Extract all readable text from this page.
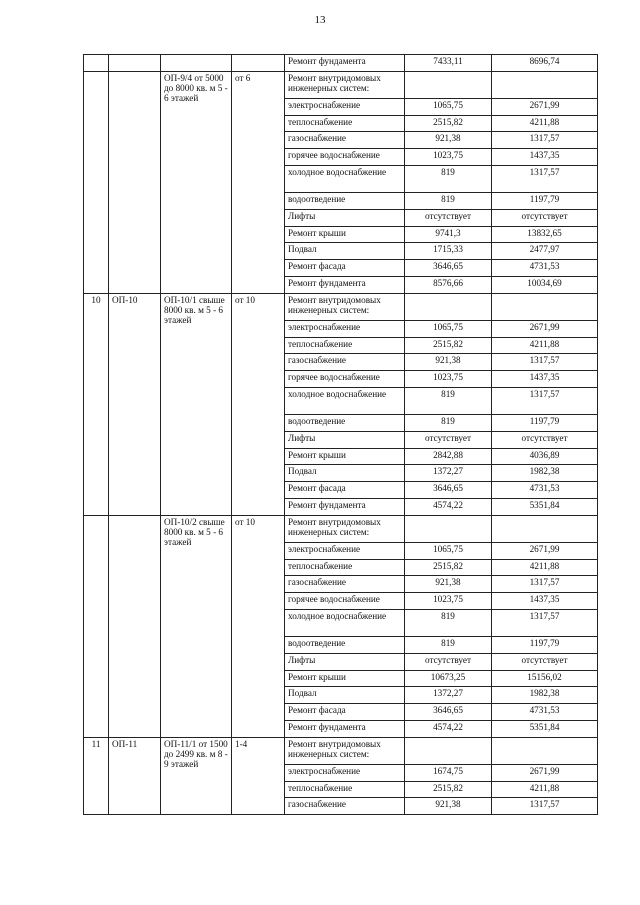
13
				Ремонт фундамента	7433,11	8696,74
		ОП-9/4 от 5000 до 8000 кв. м 5 - 6 этажей	от 6	Ремонт внутридомовых инженерных систем:		
				электроснабжение	1065,75	2671,99
				теплоснабжение	2515,82	4211,88
				газоснабжение	921,38	1317,57
				горячее водоснабжение	1023,75	1437,35
				холодное водоснабжение	819	1317,57
				водоотведение	819	1197,79
				Лифты	отсутствует	отсутствует
				Ремонт крыши	9741,3	13832,65
				Подвал	1715,33	2477,97
				Ремонт фасада	3646,65	4731,53
				Ремонт фундамента	8576,66	10034,69
10	ОП-10	ОП-10/1 свыше 8000 кв. м 5 - 6 этажей	от 10	Ремонт внутридомовых инженерных систем:		
				электроснабжение	1065,75	2671,99
				теплоснабжение	2515,82	4211,88
				газоснабжение	921,38	1317,57
				горячее водоснабжение	1023,75	1437,35
				холодное водоснабжение	819	1317,57
				водоотведение	819	1197,79
				Лифты	отсутствует	отсутствует
				Ремонт крыши	2842,88	4036,89
				Подвал	1372,27	1982,38
				Ремонт фасада	3646,65	4731,53
				Ремонт фундамента	4574,22	5351,84
		ОП-10/2 свыше 8000 кв. м 5 - 6 этажей	от 10	Ремонт внутридомовых инженерных систем:		
				электроснабжение	1065,75	2671,99
				теплоснабжение	2515,82	4211,88
				газоснабжение	921,38	1317,57
				горячее водоснабжение	1023,75	1437,35
				холодное водоснабжение	819	1317,57
				водоотведение	819	1197,79
				Лифты	отсутствует	отсутствует
				Ремонт крыши	10673,25	15156,02
				Подвал	1372,27	1982,38
				Ремонт фасада	3646,65	4731,53
				Ремонт фундамента	4574,22	5351,84
11	ОП-11	ОП-11/1 от 1500 до 2499 кв. м 8 - 9 этажей	1-4	Ремонт внутридомовых инженерных систем:		
				электроснабжение	1674,75	2671,99
				теплоснабжение	2515,82	4211,88
				газоснабжение	921,38	1317,57
